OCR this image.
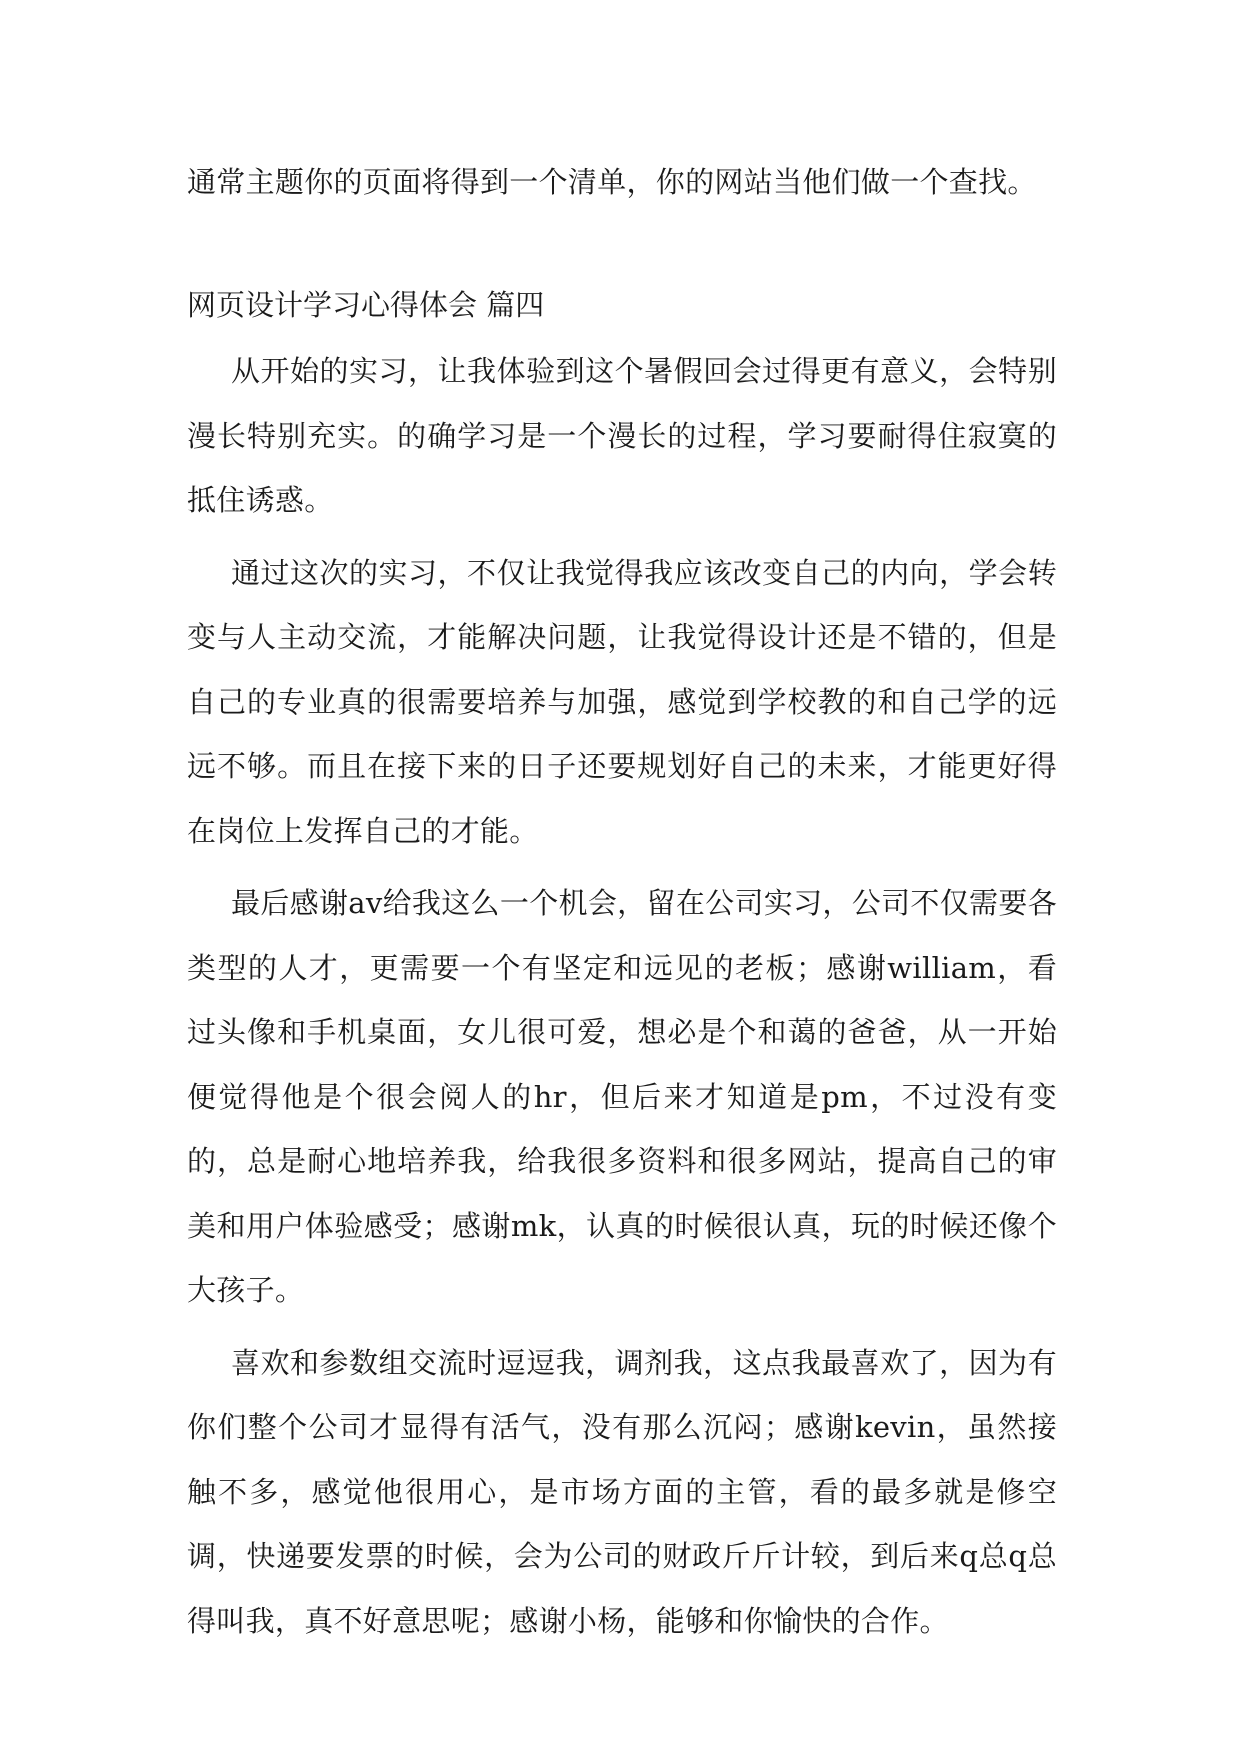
通常主题你的页面将得到一个清单，你的网站当他们做一个查找。

网页设计学习心得体会 篇四

从开始的实习，让我体验到这个暑假回会过得更有意义，会特别漫长特别充实。的确学习是一个漫长的过程，学习要耐得住寂寞的抵住诱惑。

通过这次的实习，不仅让我觉得我应该改变自己的内向，学会转变与人主动交流，才能解决问题，让我觉得设计还是不错的，但是自己的专业真的很需要培养与加强，感觉到学校教的和自己学的远远不够。而且在接下来的日子还要规划好自己的未来，才能更好得在岗位上发挥自己的才能。

最后感谢av给我这么一个机会，留在公司实习，公司不仅需要各类型的人才，更需要一个有坚定和远见的老板；感谢william，看过头像和手机桌面，女儿很可爱，想必是个和蔼的爸爸，从一开始便觉得他是个很会阅人的hr，但后来才知道是pm，不过没有变的，总是耐心地培养我，给我很多资料和很多网站，提高自己的审美和用户体验感受；感谢mk，认真的时候很认真，玩的时候还像个大孩子。

喜欢和参数组交流时逗逗我，调剂我，这点我最喜欢了，因为有你们整个公司才显得有活气，没有那么沉闷；感谢kevin，虽然接触不多，感觉他很用心，是市场方面的主管，看的最多就是修空调，快递要发票的时候，会为公司的财政斤斤计较，到后来q总q总得叫我，真不好意思呢；感谢小杨，能够和你愉快的合作。
